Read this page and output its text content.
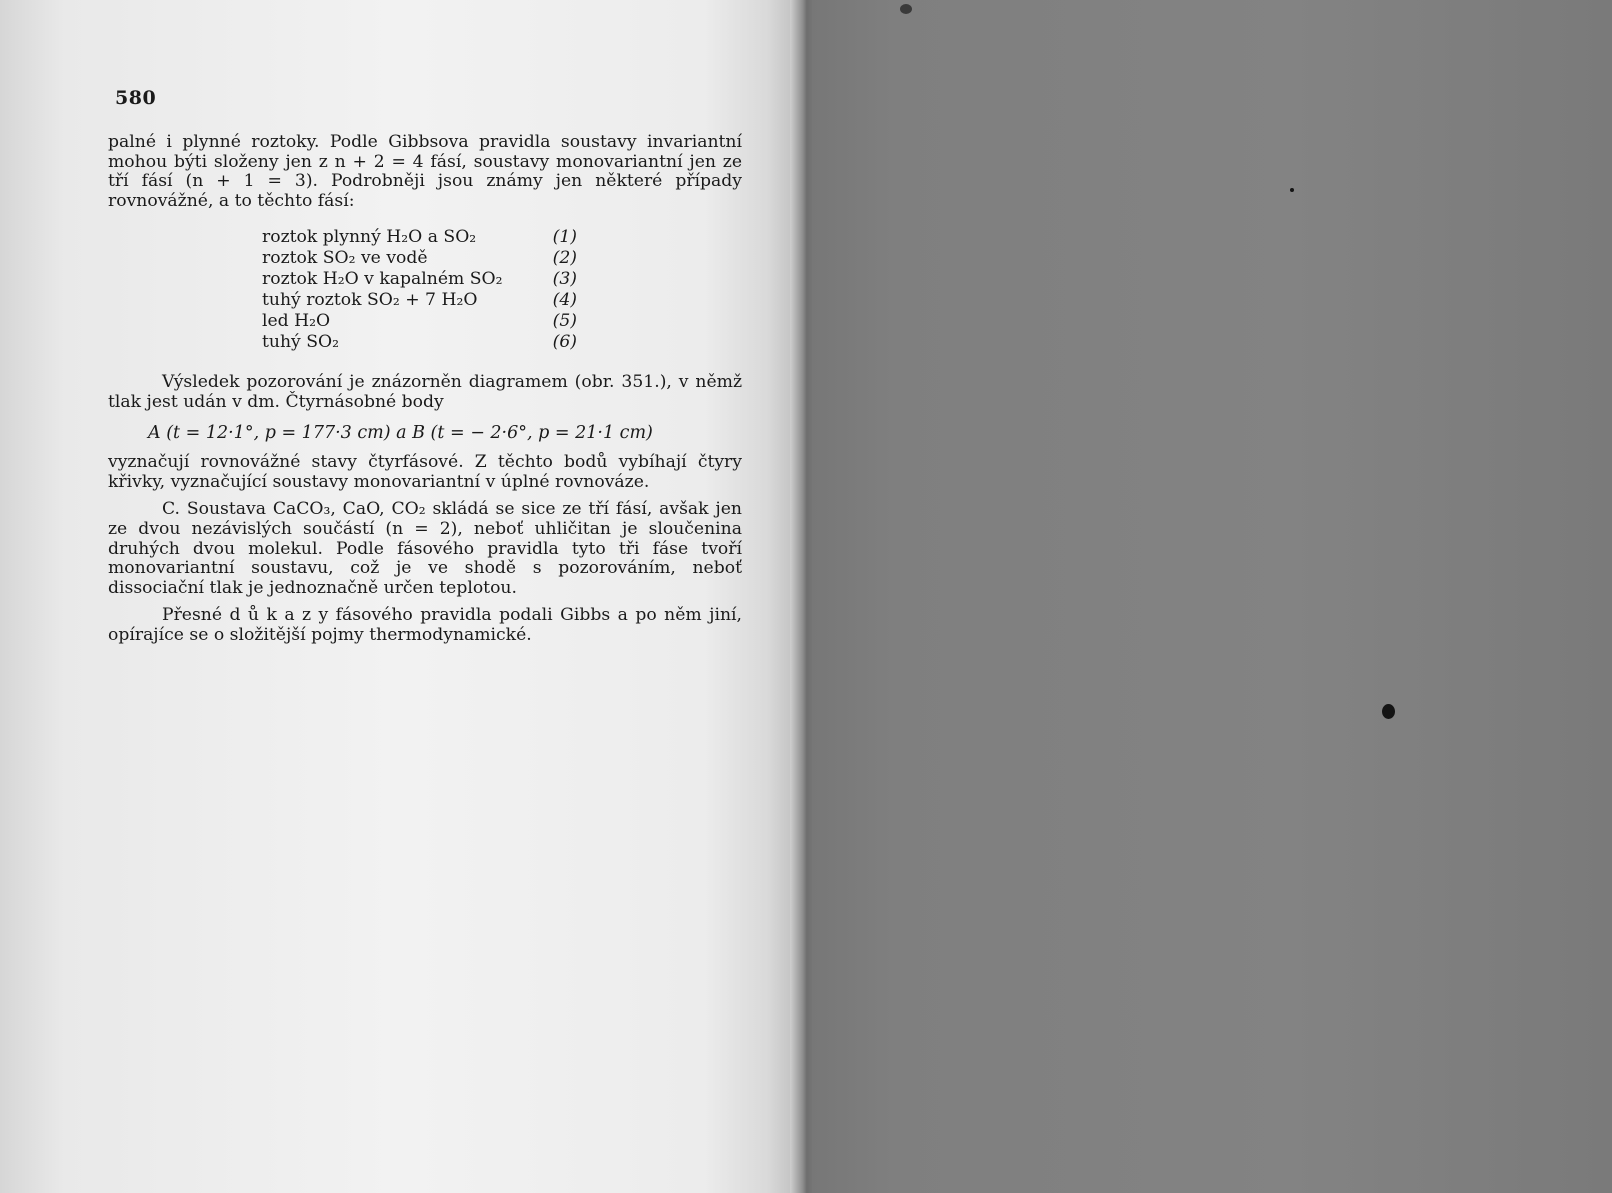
580

palné i plynné roztoky. Podle Gibbsova pravidla soustavy invariantní mohou býti složeny jen z n + 2 = 4 fásí, soustavy monovariantní jen ze tří fásí (n + 1 = 3). Podrobněji jsou známy jen některé případy rovnovážné, a to těchto fásí:

roztok plynný H₂O a SO₂	(1)
roztok SO₂ ve vodě	(2)
roztok H₂O v kapalném SO₂	(3)
tuhý roztok SO₂ + 7 H₂O	(4)
led H₂O	(5)
tuhý SO₂	(6)

Výsledek pozorování je znázorněn diagramem (obr. 351.), v němž tlak jest udán v dm. Čtyrnásobné body

A (t = 12·1°, p = 177·3 cm) a B (t = − 2·6°, p = 21·1 cm)

vyznačují rovnovážné stavy čtyrfásové. Z těchto bodů vybíhají čtyry křivky, vyznačující soustavy monovariantní v úplné rovnováze.

C. Soustava CaCO₃, CaO, CO₂ skládá se sice ze tří fásí, avšak jen ze dvou nezávislých součástí (n = 2), neboť uhličitan je sloučenina druhých dvou molekul. Podle fásového pravidla tyto tři fáse tvoří monovariantní soustavu, což je ve shodě s pozorováním, neboť dissociační tlak je jednoznačně určen teplotou.

Přesné d ů k a z y fásového pravidla podali Gibbs a po něm jiní, opírajíce se o složitější pojmy thermodynamické.
